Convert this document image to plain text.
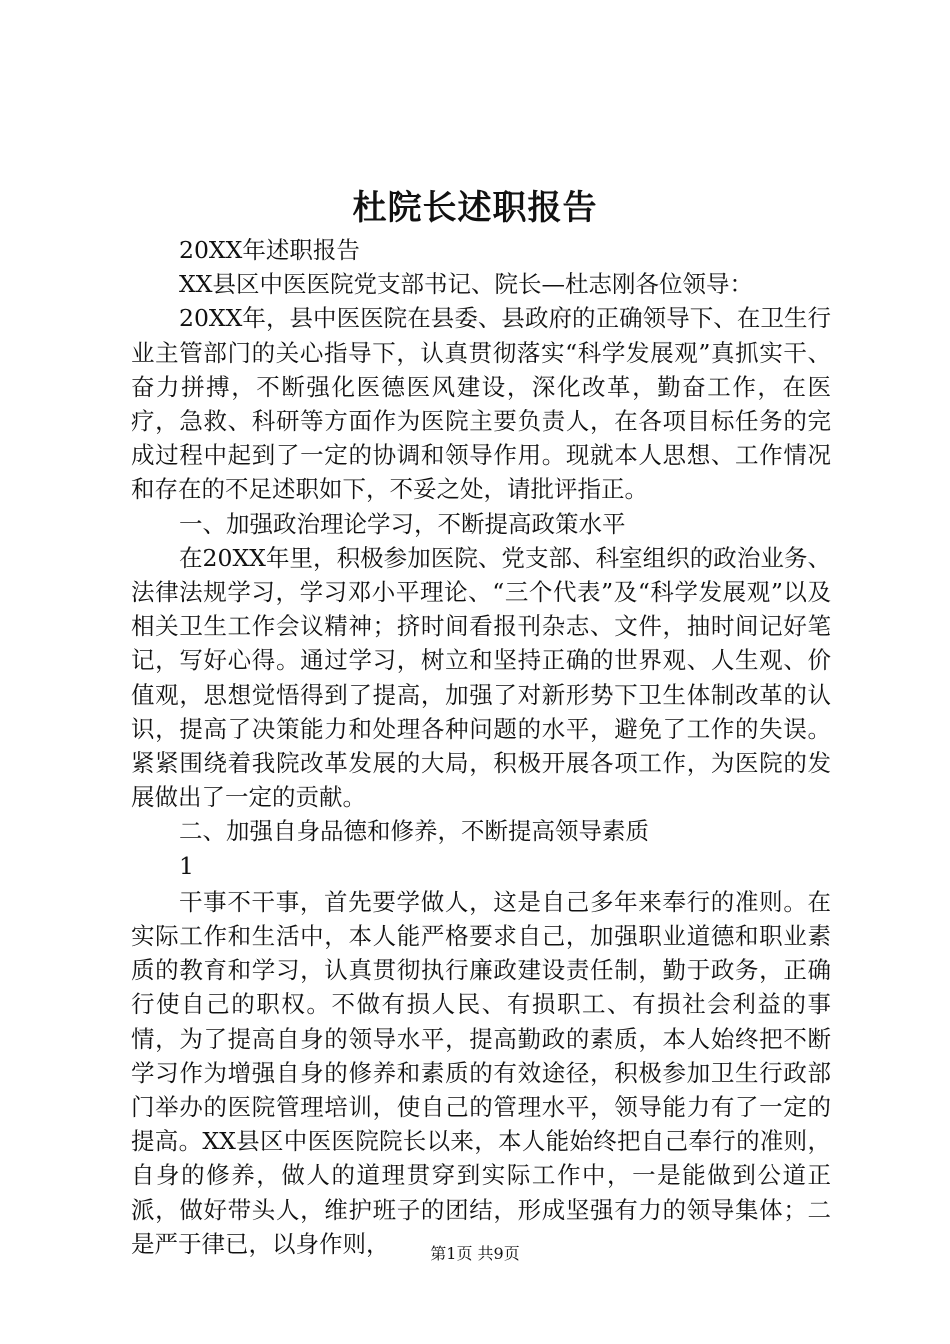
杜院长述职报告

20XX年述职报告

XX县区中医医院党支部书记、院长—杜志刚各位领导：

20XX年，县中医医院在县委、县政府的正确领导下、在卫生行业主管部门的关心指导下，认真贯彻落实“科学发展观”真抓实干、奋力拼搏，不断强化医德医风建设，深化改革，勤奋工作，在医疗，急救、科研等方面作为医院主要负责人，在各项目标任务的完成过程中起到了一定的协调和领导作用。现就本人思想、工作情况和存在的不足述职如下，不妥之处，请批评指正。

一、加强政治理论学习，不断提高政策水平

在20XX年里，积极参加医院、党支部、科室组织的政治业务、法律法规学习，学习邓小平理论、“三个代表”及“科学发展观”以及相关卫生工作会议精神；挤时间看报刊杂志、文件，抽时间记好笔记，写好心得。通过学习，树立和坚持正确的世界观、人生观、价值观，思想觉悟得到了提高，加强了对新形势下卫生体制改革的认识，提高了决策能力和处理各种问题的水平，避免了工作的失误。紧紧围绕着我院改革发展的大局，积极开展各项工作，为医院的发展做出了一定的贡献。

二、加强自身品德和修养，不断提高领导素质

1

干事不干事，首先要学做人，这是自己多年来奉行的准则。在实际工作和生活中，本人能严格要求自己，加强职业道德和职业素质的教育和学习，认真贯彻执行廉政建设责任制，勤于政务，正确行使自己的职权。不做有损人民、有损职工、有损社会利益的事情，为了提高自身的领导水平，提高勤政的素质，本人始终把不断学习作为增强自身的修养和素质的有效途径，积极参加卫生行政部门举办的医院管理培训，使自己的管理水平，领导能力有了一定的提高。XX县区中医医院院长以来，本人能始终把自己奉行的准则，自身的修养，做人的道理贯穿到实际工作中，一是能做到公道正派，做好带头人，维护班子的团结，形成坚强有力的领导集体；二是严于律已，以身作则，	第1页 共9页
